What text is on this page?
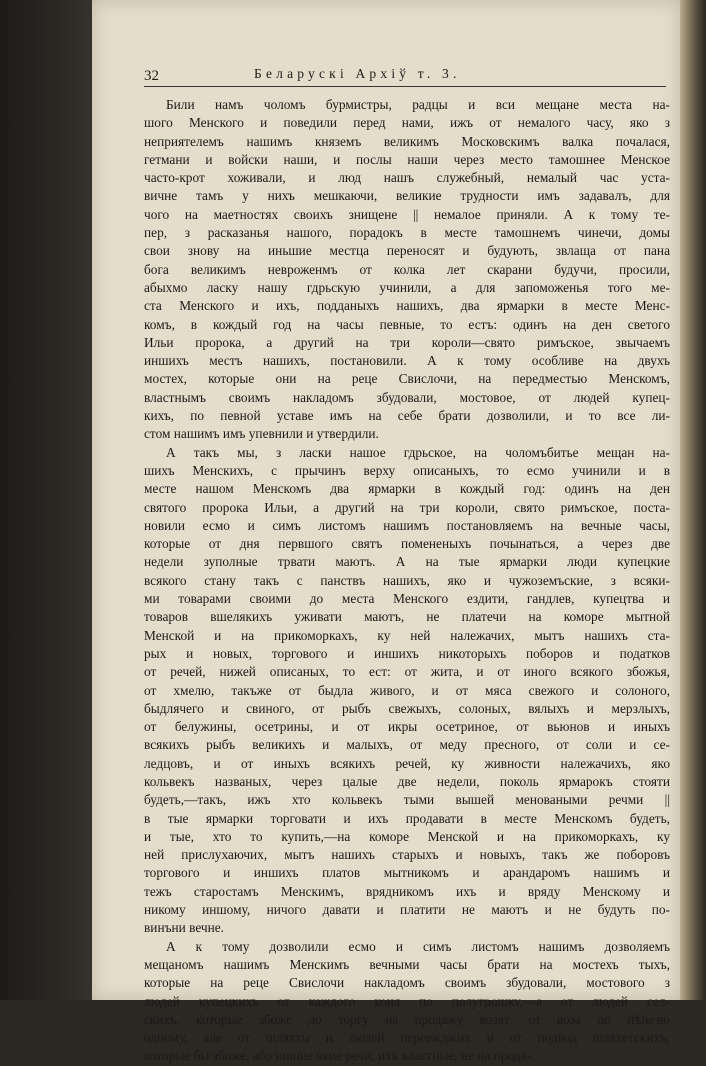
32	Беларускі Архіў т. 3.
Били намъ чоломъ бурмистры, радцы и вси мещане места на-
шого Менского и поведили перед нами, ижъ от немалого часу, яко з
неприятелемъ нашимъ княземъ великимъ Московскимъ валка почалася,
гетмани и войски наши, и послы наши через место тамошнее Менское
часто-крот хоживали, и люд нашъ служебный, немалый час уста-
вичне тамъ у нихъ мешкаючи, великие трудности имъ задавалъ, для
чого на маетностях своихъ знищене || немалое приняли. А к тому те-
пер, з расказанья нашого, порадокъ в месте тамошнемъ чинечи, домы
свои знову на иньшие местца переносят и будують, звлаща от пана
бога великимъ невроженмъ от колка лет скарани будучи, просили,
абыхмо ласку нашу гдрьскую учинили, а для запоможенья того ме-
ста Менского и ихъ, подданыхъ нашихъ, два ярмарки в месте Менс-
комъ, в кождый год на часы певные, то естъ: одинъ на ден светого
Ильи пророка, а другий на три короли—свято римъское, звычаемъ
иншихъ местъ нашихъ, постановили. А к тому особливе на двухъ
мостех, которые они на реце Свислочи, на передместью Менскомъ,
властнымъ своимъ накладомъ збудовали, мостовое, от людей купец-
кихъ, по певной уставе имъ на себе брати дозволили, и то все ли-
стом нашимъ имъ упевнили и утвердили.
А такъ мы, з ласки нашое гдрьское, на чоломъбитье мещан на-
шихъ Менскихъ, с прычинъ верху описаныхъ, то есмо учинили и в
месте нашом Менскомъ два ярмарки в кождый год: одинъ на ден
святого пророка Ильи, а другий на три короли, свято римъское, поста-
новили есмо и симъ листомъ нашимъ постановляемъ на вечные часы,
которые от дня первшого святъ помененыхъ почынаться, а через две
недели зуполные трвати маютъ. А на тые ярмарки люди купецкие
всякого стану такъ с панствъ нашихъ, яко и чужоземъские, з всяки-
ми товарами своими до места Менского ездити, гандлев, купецтва и
товаров вшелякихъ уживати маютъ, не платечи на коморе мытной
Менской и на прикоморкахъ, ку ней належачих, мытъ нашихъ ста-
рых и новых, торгового и иншихъ никоторыхъ поборов и податков
от речей, нижей описаных, то ест: от жита, и от иного всякого збожья,
от хмелю, такъже от быдла живого, и от мяса свежого и солоного,
быдлячего и свиного, от рыбъ свежыхъ, солоных, вялыхъ и мерзлыхъ,
от белужины, осетрины, и от икры осетриное, от вьюнов и иныхъ
всякихъ рыбъ великихъ и малыхъ, от меду пресного, от соли и се-
ледцовъ, и от иныхъ всякихъ речей, ку живности належачихъ, яко
кольвекъ названых, через цалые две недели, поколь ярмарокъ стояти
будеть,—такъ, ижъ хто кольвекъ тыми вышей меноваными речми ||
в тые ярмарки торговати и ихъ продавати в месте Менскомъ будеть,
и тые, хто то купить,—на коморе Менской и на прикоморкахъ, ку
ней прислухаючих, мытъ нашихъ старыхъ и новыхъ, такъ же поборовъ
торгового и иншихъ платов мытникомъ и арандаромъ нашимъ и
тежъ старостамъ Менскимъ, врядникомъ ихъ и вряду Менскому и
никому иншому, ничого давати и платити не маютъ и не будуть по-
винъни вечне.
А к тому дозволили есмо и симъ листомъ нашимъ дозволяемъ
мещаномъ нашимъ Менскимъ вечными часы брати на мостехъ тыхъ,
которые на реце Свислочи накладомъ своимъ збудовали, мостового з
людей купецкихъ от каждого коня по полугрошку,—а от людей сел-
скихъ, которые збоже до торгу на продажу возят, от воза по пѣнезю
одному, але от шляхты и людей переежджих и от подвод шляхетскихъ,
которые бы збоже, або иншие якие речи, ихъ властные, не на прода-
